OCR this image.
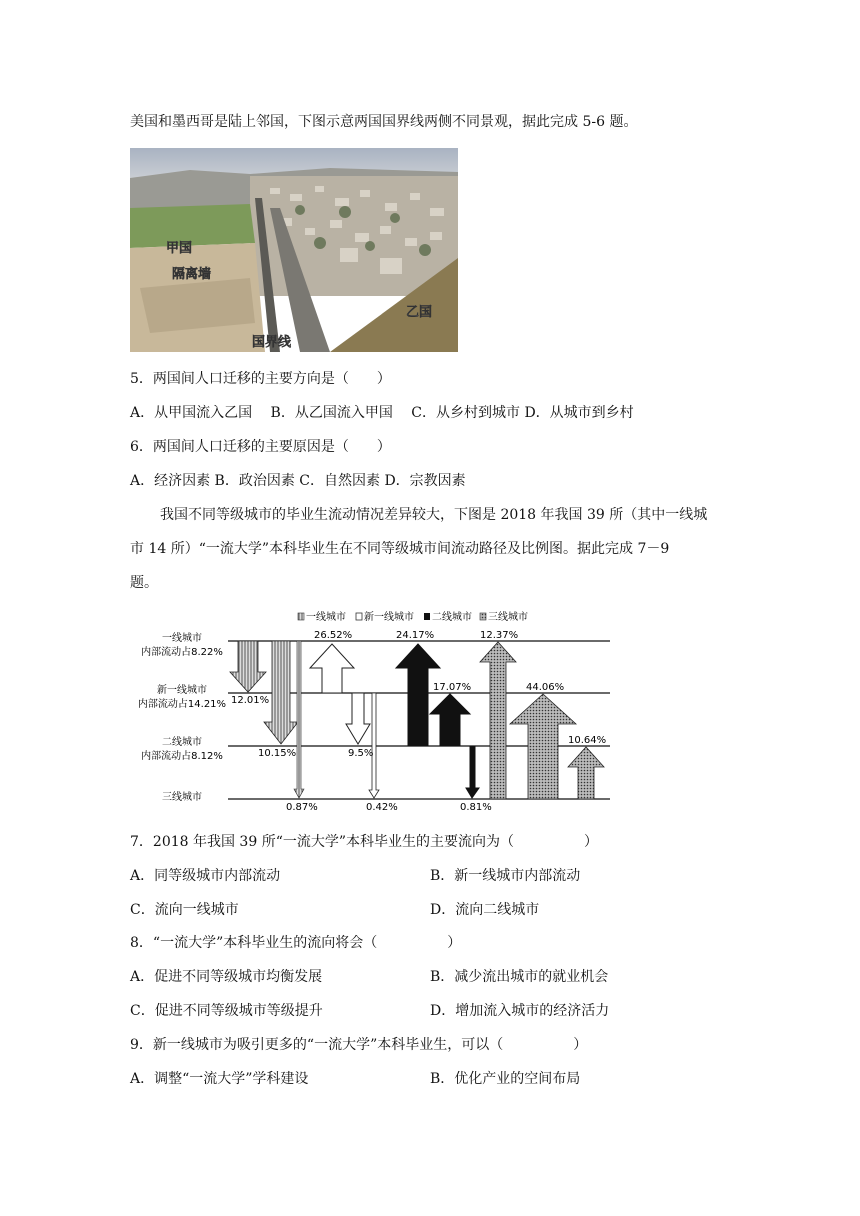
美国和墨西哥是陆上邻国，下图示意两国国界线两侧不同景观，据此完成 5-6 题。
甲国
隔离墙
乙国
国界线
5．两国间人口迁移的主要方向是（　　）
A．从甲国流入乙国　 B．从乙国流入甲国　 C．从乡村到城市 D．从城市到乡村
6．两国间人口迁移的主要原因是（　　）
A．经济因素 B．政治因素 C．自然因素 D．宗教因素
我国不同等级城市的毕业生流动情况差异较大，下图是 2018 年我国 39 所（其中一线城
市 14 所）“一流大学”本科毕业生在不同等级城市间流动路径及比例图。据此完成 7－9
题。
一线城市 新一线城市 二线城市 三线城市
一线城市
内部流动占8.22%
新一线城市
内部流动占14.21%
二线城市
内部流动占8.12%
三线城市
12.01%
10.15%
0.87%
26.52%
9.5%
0.42%
24.17%
17.07%
0.81%
12.37%
44.06%
10.64%
7．2018 年我国 39 所“一流大学”本科毕业生的主要流向为（　　　　　）
A．同等级城市内部流动	B．新一线城市内部流动
C．流向一线城市	D．流向二线城市
8．“一流大学”本科毕业生的流向将会（　　　　　）
A．促进不同等级城市均衡发展	B．减少流出城市的就业机会
C．促进不同等级城市等级提升	D．增加流入城市的经济活力
9．新一线城市为吸引更多的“一流大学”本科毕业生，可以（　　　　　）
A．调整“一流大学”学科建设	B．优化产业的空间布局
